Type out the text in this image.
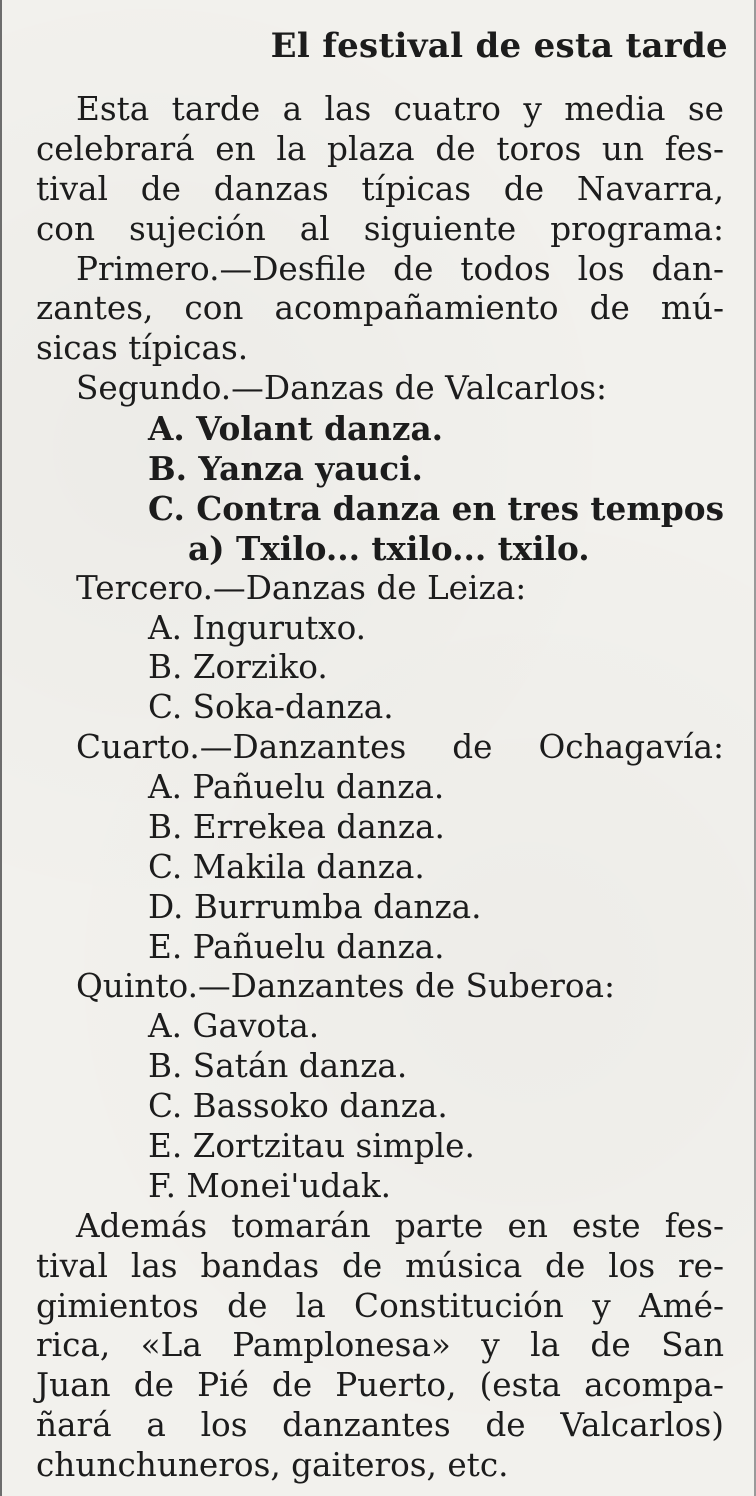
El festival de esta tarde
Esta tarde a las cuatro y media se
celebrará en la plaza de toros un fes-
tival de danzas típicas de Navarra,
con sujeción al siguiente programa:
Primero.—Desfile de todos los dan-
zantes, con acompañamiento de mú-
sicas típicas.
Segundo.—Danzas de Valcarlos:
A. Volant danza.
B. Yanza yauci.
C. Contra danza en tres tempos
a) Txilo... txilo... txilo.
Tercero.—Danzas de Leiza:
A. Ingurutxo.
B. Zorziko.
C. Soka-danza.
Cuarto.—Danzantes de Ochagavía:
A. Pañuelu danza.
B. Errekea danza.
C. Makila danza.
D. Burrumba danza.
E. Pañuelu danza.
Quinto.—Danzantes de Suberoa:
A. Gavota.
B. Satán danza.
C. Bassoko danza.
E. Zortzitau simple.
F. Monei'udak.
Además tomarán parte en este fes-
tival las bandas de música de los re-
gimientos de la Constitución y Amé-
rica, «La Pamplonesa» y la de San
Juan de Pié de Puerto, (esta acompa-
ñará a los danzantes de Valcarlos)
chunchuneros, gaiteros, etc.
